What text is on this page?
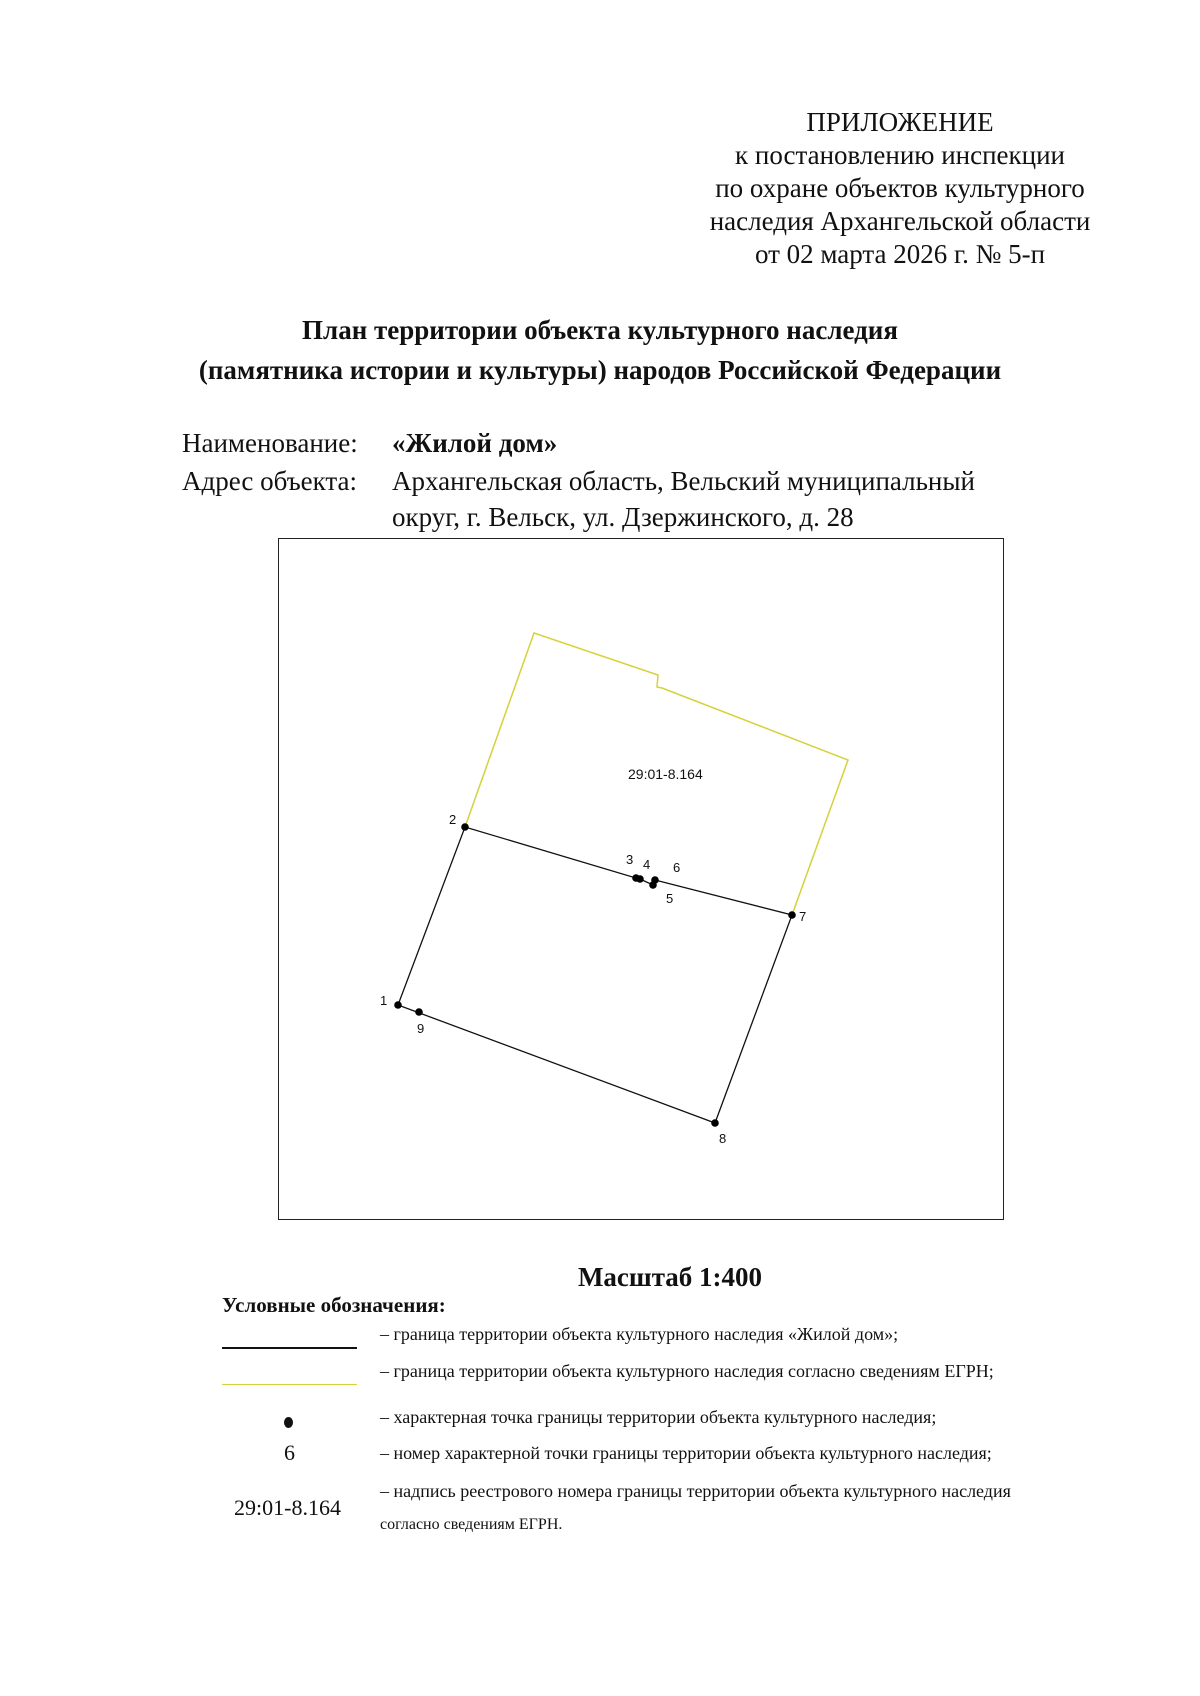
ПРИЛОЖЕНИЕ
к постановлению инспекции
по охране объектов культурного
наследия Архангельской области
от 02 марта 2026 г. № 5-п
План территории объекта культурного наследия
(памятника истории и культуры) народов Российской Федерации
Наименование: «Жилой дом»
Адрес объекта: Архангельская область, Вельский муниципальный
округ, г. Вельск, ул. Дзержинского, д. 28
29:01-8.164
1
2
3 4
5
6
7
8
9
Масштаб 1:400
Условные обозначения:
– граница территории объекта культурного наследия «Жилой дом»;
– граница территории объекта культурного наследия согласно сведениям ЕГРН;
– характерная точка границы территории объекта культурного наследия;
6	– номер характерной точки границы территории объекта культурного наследия;
29:01-8.164
– надпись реестрового номера границы территории объекта культурного наследия
согласно сведениям ЕГРН.
